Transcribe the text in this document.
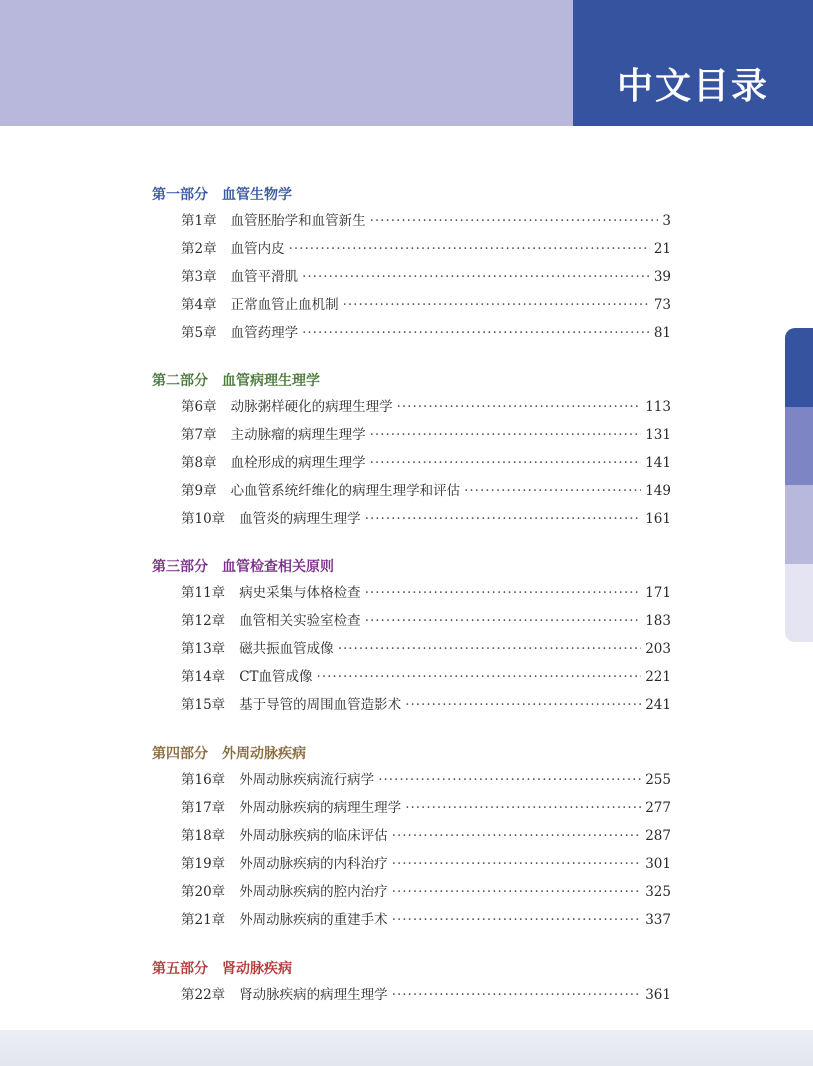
中文目录
第一部分 血管生物学
第1章 血管胚胎学和血管新生 ·····	3
第2章 血管内皮 ·····	21
第3章 血管平滑肌 ·····	39
第4章 正常血管止血机制 ·····	73
第5章 血管药理学 ·····	81
第二部分 血管病理生理学
第6章 动脉粥样硬化的病理生理学 ·····	113
第7章 主动脉瘤的病理生理学 ·····	131
第8章 血栓形成的病理生理学 ·····	141
第9章 心血管系统纤维化的病理生理学和评估 ·····	149
第10章 血管炎的病理生理学 ·····	161
第三部分 血管检查相关原则
第11章 病史采集与体格检查 ·····	171
第12章 血管相关实验室检查 ·····	183
第13章 磁共振血管成像 ·····	203
第14章 CT血管成像 ·····	221
第15章 基于导管的周围血管造影术 ·····	241
第四部分 外周动脉疾病
第16章 外周动脉疾病流行病学 ·····	255
第17章 外周动脉疾病的病理生理学 ·····	277
第18章 外周动脉疾病的临床评估 ·····	287
第19章 外周动脉疾病的内科治疗 ·····	301
第20章 外周动脉疾病的腔内治疗 ·····	325
第21章 外周动脉疾病的重建手术 ·····	337
第五部分 肾动脉疾病
第22章 肾动脉疾病的病理生理学 ·····	361
